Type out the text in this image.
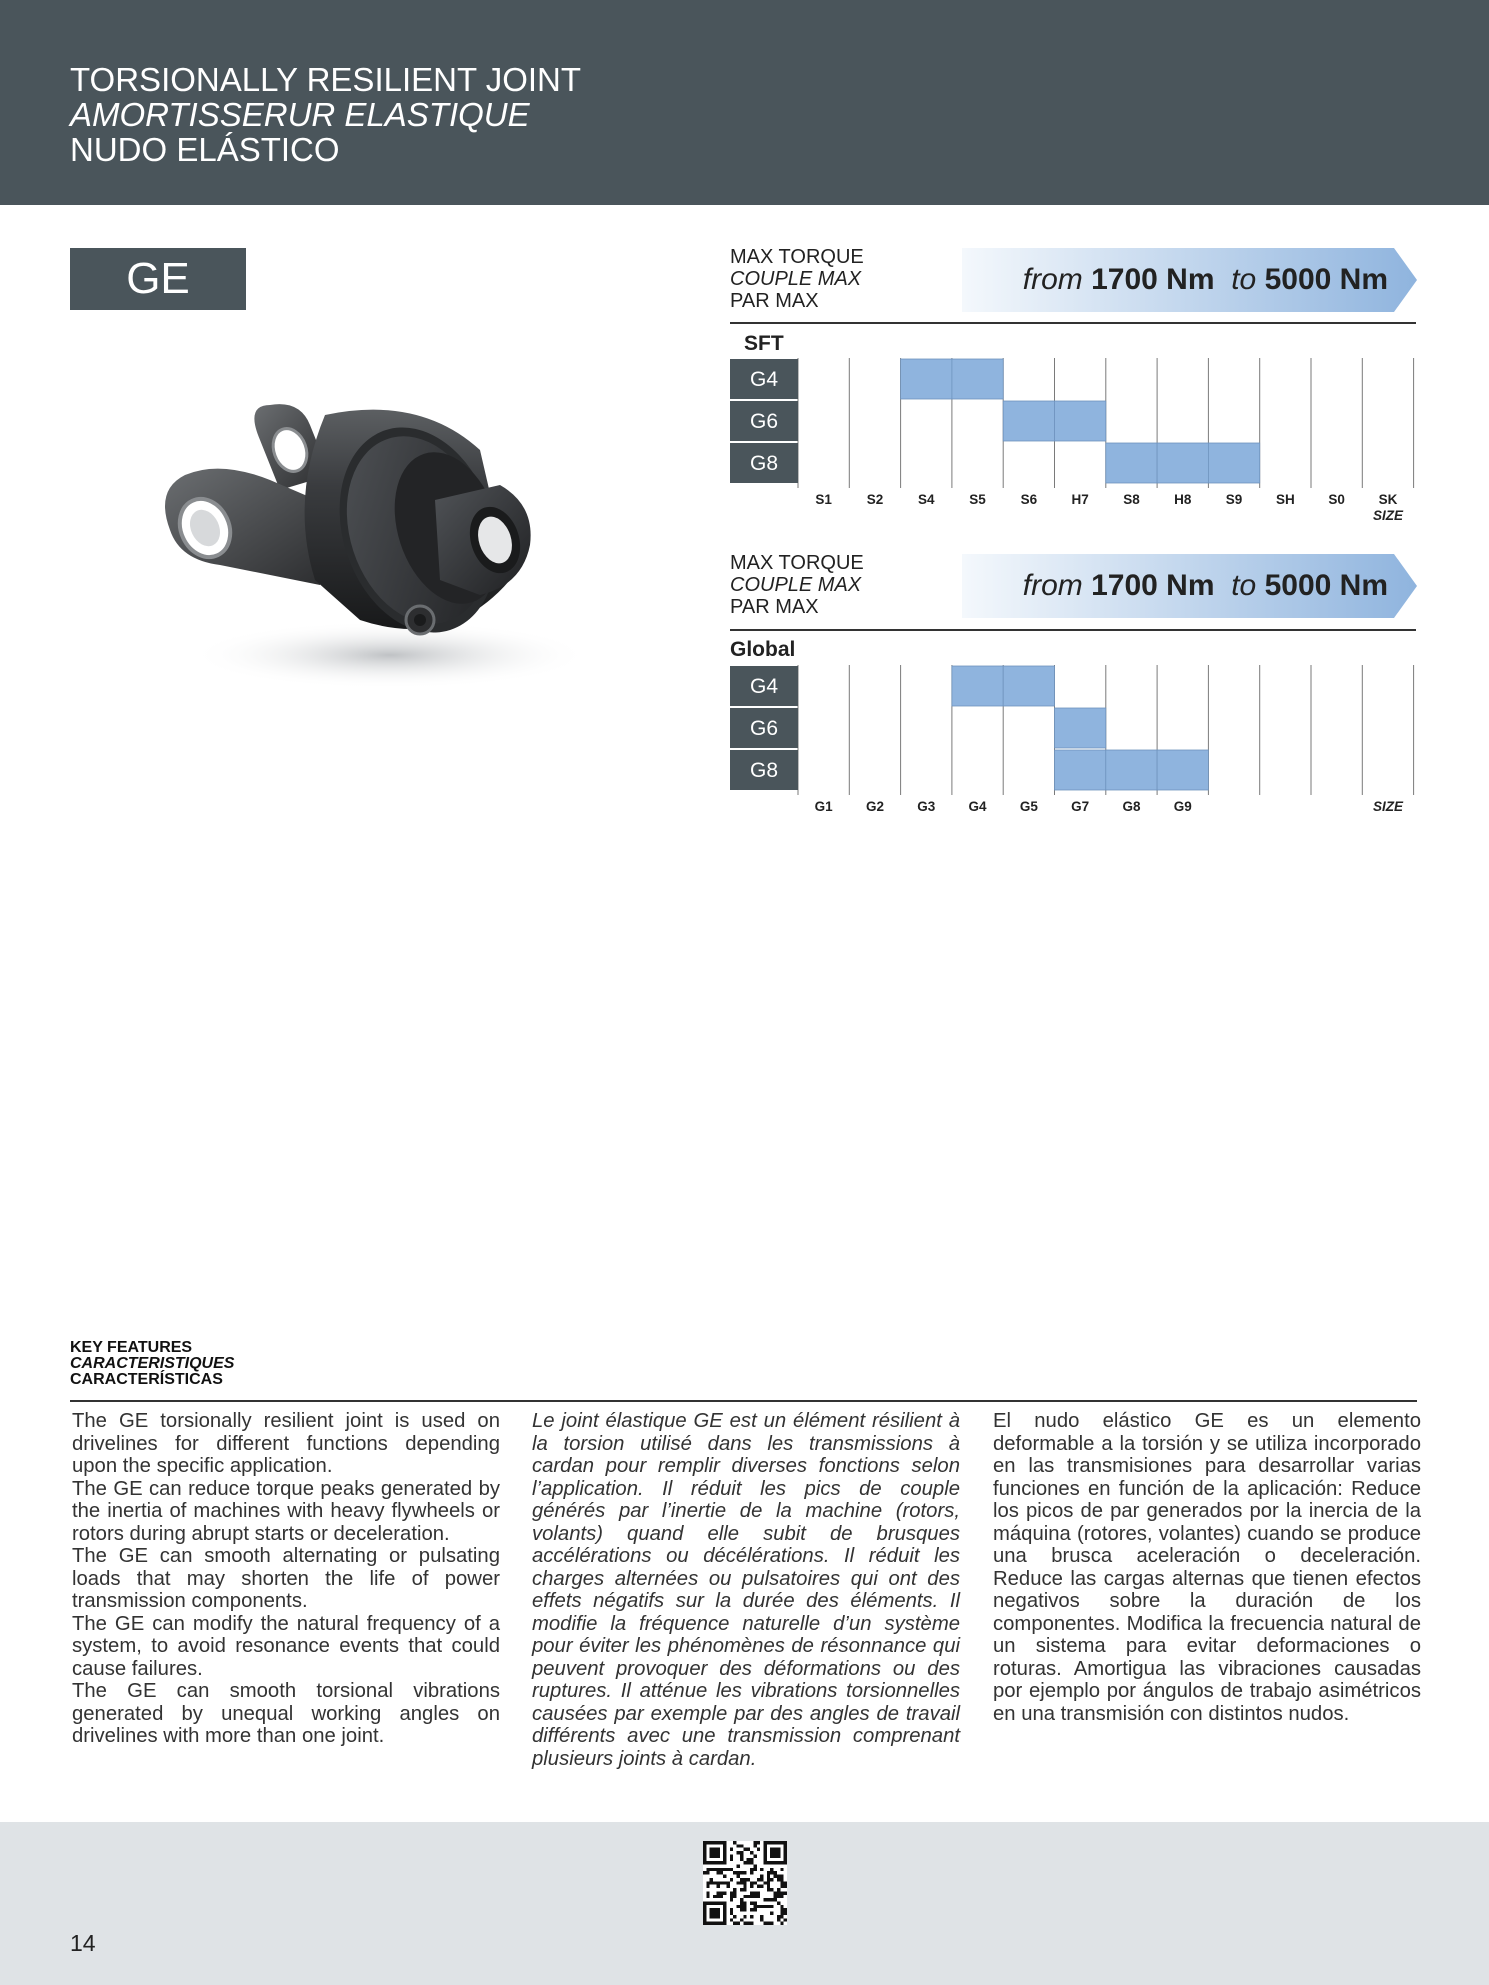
TORSIONALLY RESILIENT JOINT
AMORTISSERUR ELASTIQUE
NUDO ELÁSTICO
GE	MAX TORQUE
COUPLE MAX
PAR MAX
from 1700 Nm to 5000 Nm
SFT
G4
G6
G8
S1	S2	S4	S5	S6	H7	S8	H8	S9 SH S0 SK
SIZE
MAX TORQUE
COUPLE MAX
PAR MAX
from 1700 Nm to 5000 Nm
Global
G4
G6
G8
G1 G2 G3 G4 G5 G7 G8 G9	SIZE
KEY FEATURES
CARACTERISTIQUES
CARACTERÍSTICAS

The GE torsionally resilient joint is used on drivelines for different functions depending upon the specific application.

The GE can reduce torque peaks generated by the inertia of machines with heavy flywheels or rotors during abrupt starts or deceleration.

The GE can smooth alternating or pulsating loads that may shorten the life of power transmission components.

The GE can modify the natural frequency of a system, to avoid resonance events that could cause failures.

The GE can smooth torsional vibrations generated by unequal working angles on drivelines with more than one joint.

Le joint élastique GE est un élément résilient à la torsion utilisé dans les transmissions à cardan pour remplir diverses fonctions selon l’application. Il réduit les pics de couple générés par l’inertie de la machine (rotors, volants) quand elle subit de brusques accélérations ou décélérations. Il réduit les charges alternées ou pulsatoires qui ont des effets négatifs sur la durée des éléments. Il modifie la fréquence naturelle d’un système pour éviter les phénomènes de résonnance qui peuvent provoquer des déformations ou des ruptures. Il atténue les vibrations torsionnelles causées par exemple par des angles de travail différents avec une transmission comprenant plusieurs joints à cardan.
El nudo elástico GE es un elemento deformable a la torsión y se utiliza incorporado en las transmisiones para desarrollar varias funciones en función de la aplicación: Reduce los picos de par generados por la inercia de la máquina (rotores, volantes) cuando se produce una brusca aceleración o deceleración. Reduce las cargas alternas que tienen efectos negativos sobre la duración de los componentes. Modifica la frecuencia natural de un sistema para evitar deformaciones o roturas. Amortigua las vibraciones causadas por ejemplo por ángulos de trabajo asimétricos en una transmisión con distintos nudos.
14
